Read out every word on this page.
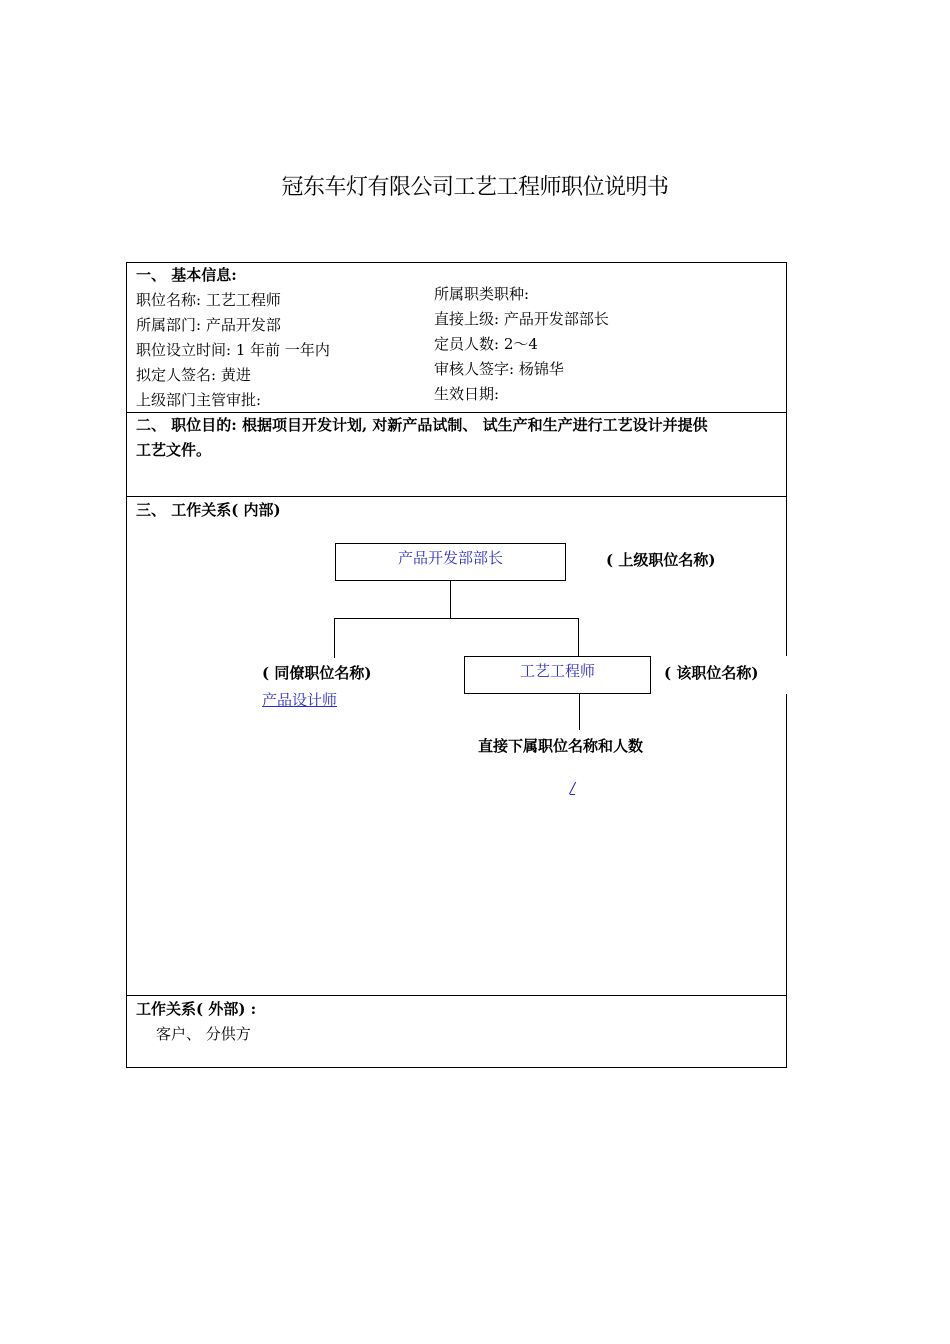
冠东车灯有限公司工艺工程师职位说明书
一、 基本信息:
职位名称: 工艺工程师
所属部门: 产品开发部
职位设立时间: 1 年前 一年内
拟定人签名: 黄进
上级部门主管审批:
所属职类职种:
直接上级: 产品开发部部长
定员人数: 2～4
审核人签字: 杨锦华
生效日期:
二、 职位目的: 根据项目开发计划, 对新产品试制、 试生产和生产进行工艺设计并提供
工艺文件。
三、 工作关系( 内部)
产品开发部部长	( 上级职位名称)
工艺工程师	( 该职位名称)
( 同僚职位名称)
产品设计师
直接下属职位名称和人数
/
工作关系( 外部) :
客户、 分供方
